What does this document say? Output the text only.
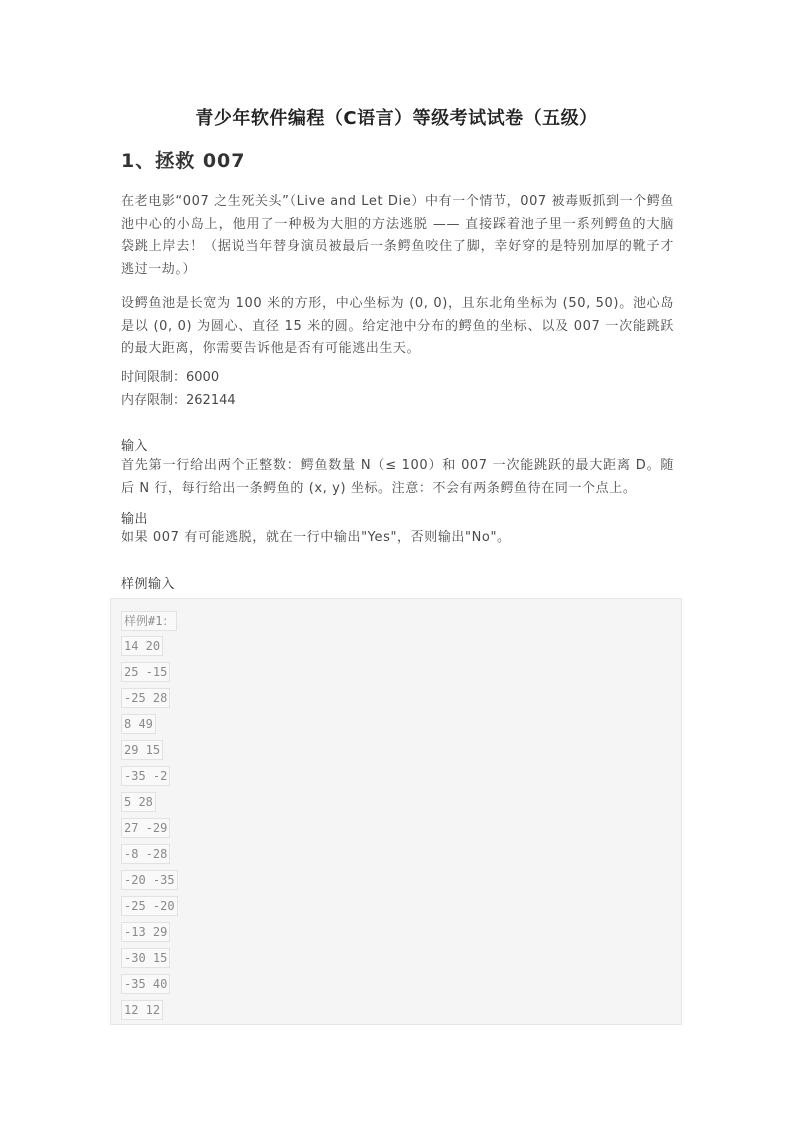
青少年软件编程（C语言）等级考试试卷（五级）
1、拯救 007

在老电影“007 之生死关头”（Live and Let Die）中有一个情节，007 被毒贩抓到一个鳄鱼池中心的小岛上，他用了一种极为大胆的方法逃脱 —— 直接踩着池子里一系列鳄鱼的大脑袋跳上岸去！（据说当年替身演员被最后一条鳄鱼咬住了脚，幸好穿的是特别加厚的靴子才逃过一劫。）

设鳄鱼池是长宽为 100 米的方形，中心坐标为 (0, 0)，且东北角坐标为 (50, 50)。池心岛是以 (0, 0) 为圆心、直径 15 米的圆。给定池中分布的鳄鱼的坐标、以及 007 一次能跳跃的最大距离，你需要告诉他是否有可能逃出生天。

时间限制：6000
内存限制：262144
输入

首先第一行给出两个正整数：鳄鱼数量 N（≤ 100）和 007 一次能跳跃的最大距离 D。随后 N 行，每行给出一条鳄鱼的 (x, y) 坐标。注意：不会有两条鳄鱼待在同一个点上。

输出

如果 007 有可能逃脱，就在一行中输出"Yes"，否则输出"No"。

样例输入
样例#1：
14 20
25 -15
-25 28
8 49
29 15
-35 -2
5 28
27 -29
-8 -28
-20 -35
-25 -20
-13 29
-30 15
-35 40
12 12
